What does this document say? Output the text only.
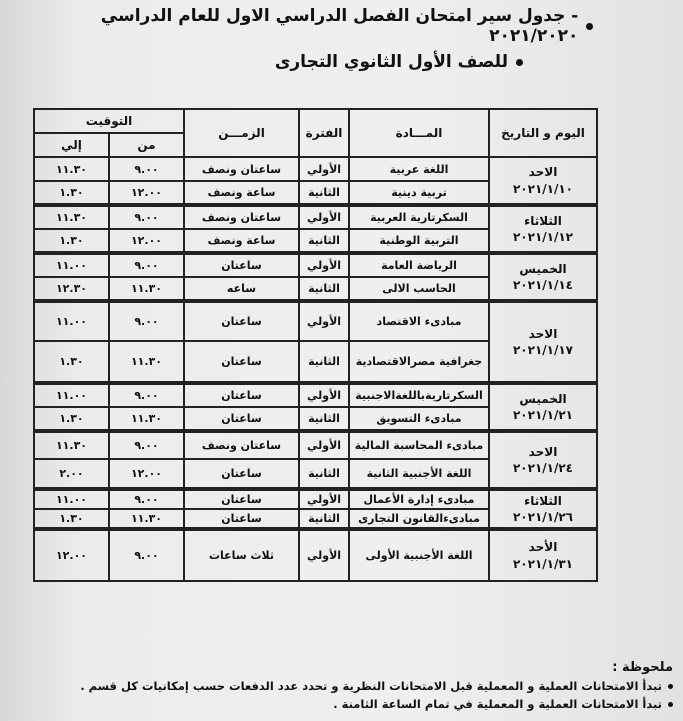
- جدول سير امتحان الفصل الدراسي الاول للعام الدراسي ٢٠٢١/٢٠٢٠
للصف الأول الثانوي التجارى
اليوم و التاريخ	المـــادة	الفترة	الزمـــن	التوقيت	
				من	إلي

الاحد
٢٠٢١/١/١٠	اللغة عربية	الأولي	ساعتان ونصف	٩.٠٠	١١.٣٠
	تربية دينية	الثانية	ساعة ونصف	١٢.٠٠	١.٣٠

الثلاثاء
٢٠٢١/١/١٢	السكرتارية العربية	الأولي	ساعتان ونصف	٩.٠٠	١١.٣٠
	التربية الوطنية	الثانية	ساعة ونصف	١٢.٠٠	١.٣٠

الخميس
٢٠٢١/١/١٤	الرياضة العامة	الأولي	ساعتان	٩.٠٠	١١.٠٠
	الحاسب الالى	الثانية	ساعه	١١.٣٠	١٢.٣٠

الاحد
٢٠٢١/١/١٧	مبادىء الاقتصاد	الأولي	ساعتان	٩.٠٠	١١.٠٠
	جغرافية مصرالاقتصادية	الثانية	ساعتان	١١.٣٠	١.٣٠

الخميس
٢٠٢١/١/٢١	السكرتاريةباللغةالاجنبية	الأولي	ساعتان	٩.٠٠	١١.٠٠
	مبادىء التسويق	الثانية	ساعتان	١١.٣٠	١.٣٠

الاحد
٢٠٢١/١/٢٤	مبادىء المحاسبة المالية	الأولي	ساعتان ونصف	٩.٠٠	١١.٣٠
	اللغة الأجنبية الثانية	الثانية	ساعتان	١٢.٠٠	٢.٠٠

الثلاثاء
٢٠٢١/١/٢٦	مبادىء إدارة الأعمال	الأولي	ساعتان	٩.٠٠	١١.٠٠
	مبادىءالقانون التجارى	الثانية	ساعتان	١١.٣٠	١.٣٠

الأحد
٢٠٢١/١/٣١	اللغة الأجنبية الأولى	الأولي	ثلاث ساعات	٩.٠٠	١٢.٠٠
ملحوظة :
تبدأ الامتحانات العملية و المعملية قبل الامتحانات النظرية و تحدد عدد الدفعات حسب إمكانيات كل قسم .
تبدأ الامتحانات العملية و المعملية في تمام الساعة الثامنة .
